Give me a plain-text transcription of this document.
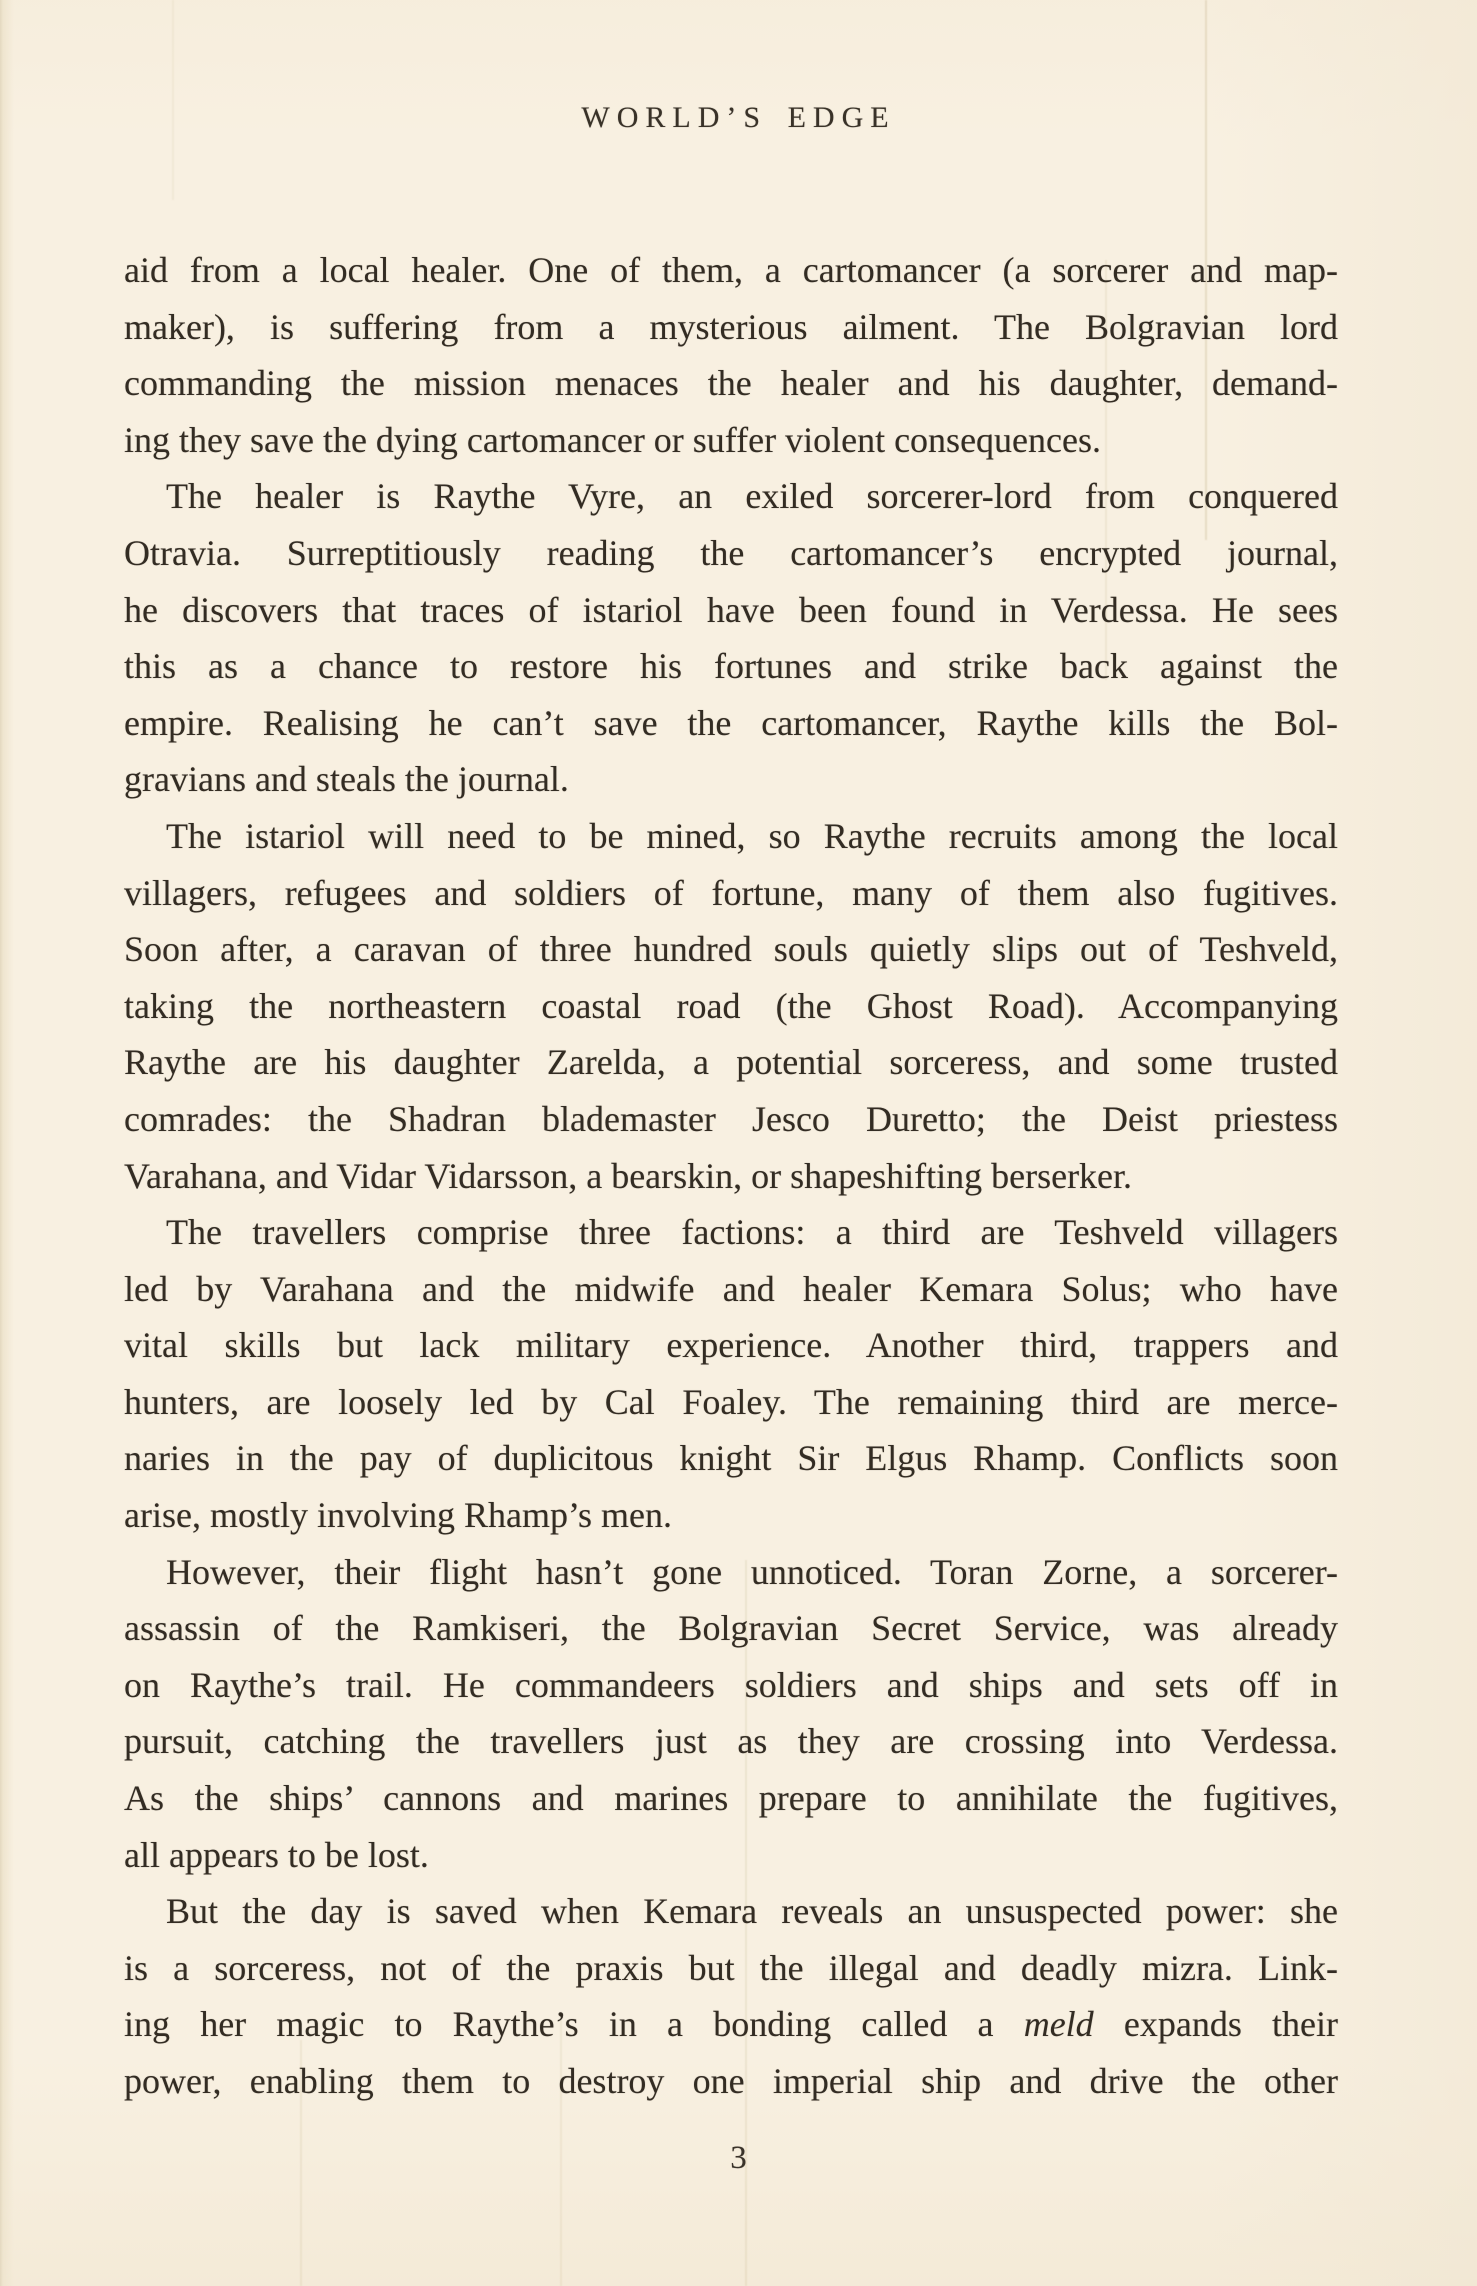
WORLD’S EDGE
aid from a local healer. One of them, a cartomancer (a sorcerer and map-
maker), is suffering from a mysterious ailment. The Bolgravian lord
commanding the mission menaces the healer and his daughter, demand-
ing they save the dying cartomancer or suffer violent consequences.
The healer is Raythe Vyre, an exiled sorcerer-lord from conquered
Otravia. Surreptitiously reading the cartomancer’s encrypted journal,
he discovers that traces of istariol have been found in Verdessa. He sees
this as a chance to restore his fortunes and strike back against the
empire. Realising he can’t save the cartomancer, Raythe kills the Bol-
gravians and steals the journal.
The istariol will need to be mined, so Raythe recruits among the local
villagers, refugees and soldiers of fortune, many of them also fugitives.
Soon after, a caravan of three hundred souls quietly slips out of Teshveld,
taking the northeastern coastal road (the Ghost Road). Accompanying
Raythe are his daughter Zarelda, a potential sorceress, and some trusted
comrades: the Shadran blademaster Jesco Duretto; the Deist priestess
Varahana, and Vidar Vidarsson, a bearskin, or shapeshifting berserker.
The travellers comprise three factions: a third are Teshveld villagers
led by Varahana and the midwife and healer Kemara Solus; who have
vital skills but lack military experience. Another third, trappers and
hunters, are loosely led by Cal Foaley. The remaining third are merce-
naries in the pay of duplicitous knight Sir Elgus Rhamp. Conflicts soon
arise, mostly involving Rhamp’s men.
However, their flight hasn’t gone unnoticed. Toran Zorne, a sorcerer-
assassin of the Ramkiseri, the Bolgravian Secret Service, was already
on Raythe’s trail. He commandeers soldiers and ships and sets off in
pursuit, catching the travellers just as they are crossing into Verdessa.
As the ships’ cannons and marines prepare to annihilate the fugitives,
all appears to be lost.
But the day is saved when Kemara reveals an unsuspected power: she
is a sorceress, not of the praxis but the illegal and deadly mizra. Link-
ing her magic to Raythe’s in a bonding called a meld expands their
power, enabling them to destroy one imperial ship and drive the other
3
